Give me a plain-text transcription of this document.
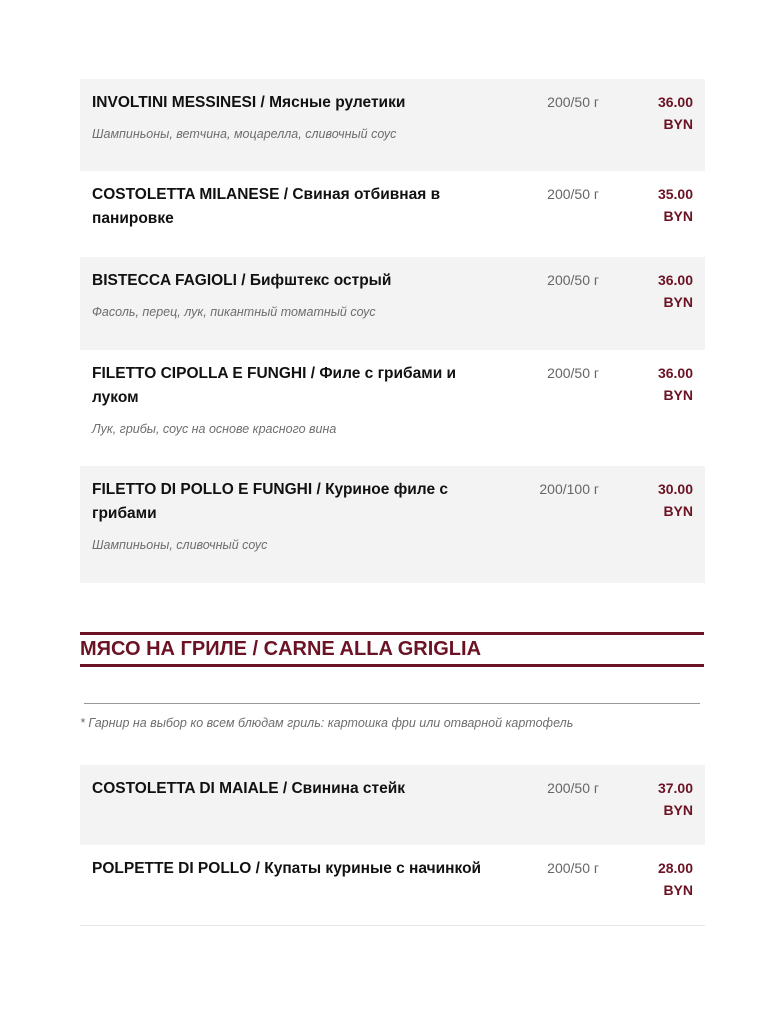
INVOLTINI MESSINESI / Мясные рулетики
Шампиньоны, ветчина, моцарелла, сливочный соус
200/50 г	36.00
BYN
COSTOLETTA MILANESE / Свиная отбивная в панировке
200/50 г	35.00
BYN
BISTECCA FAGIOLI / Бифштекс острый
Фасоль, перец, лук, пикантный томатный соус
200/50 г	36.00
BYN
FILETTO CIPOLLA E FUNGHI / Филе с грибами и луком
Лук, грибы, соус на основе красного вина
200/50 г	36.00
BYN
FILETTO DI POLLO E FUNGHI / Куриное филе с грибами
Шампиньоны, сливочный соус
200/100 г	30.00
BYN
МЯСО НА ГРИЛЕ / CARNE ALLA GRIGLIA
* Гарнир на выбор ко всем блюдам гриль: картошка фри или отварной картофель
COSTOLETTA DI MAIALE / Свинина стейк	200/50 г	37.00
BYN
POLPETTE DI POLLO / Купаты куриные с начинкой	200/50 г	28.00
BYN
